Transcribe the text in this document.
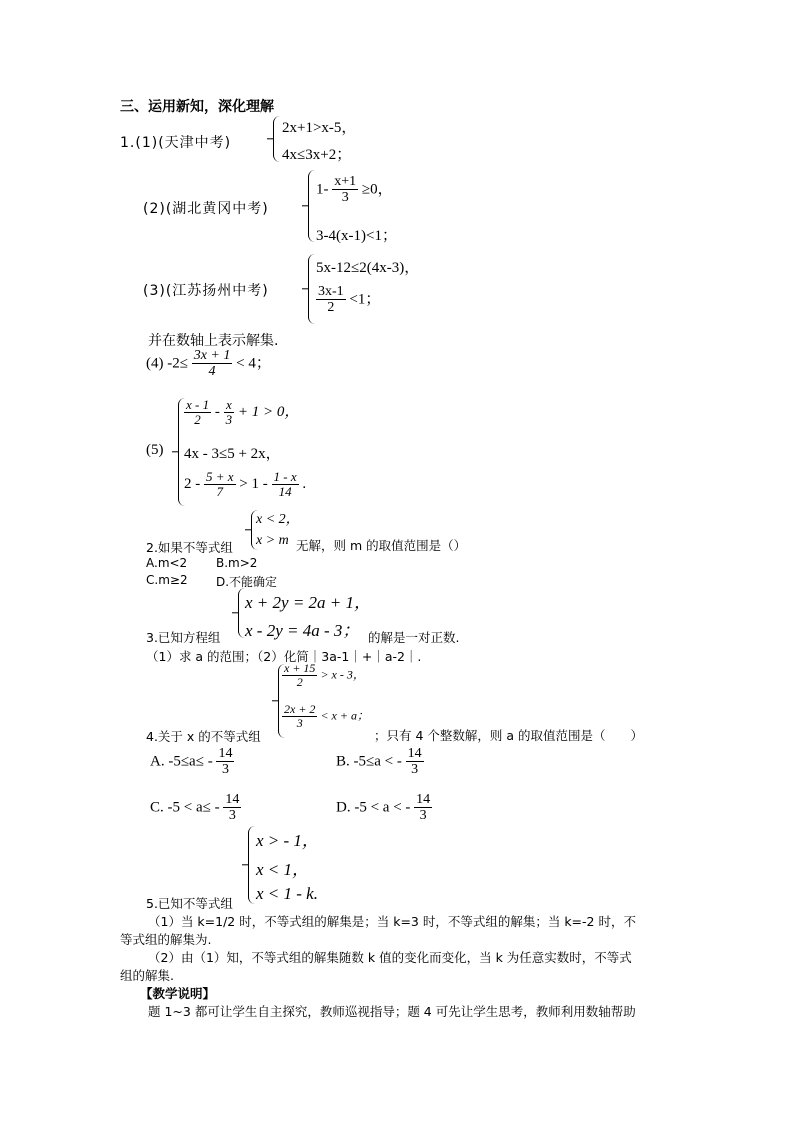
三、运用新知，深化理解
1.(1)(天津中考)
2x+1>x-5，
4x≤3x+2；
(2)(湖北黄冈中考)
$1- \frac{x+1}{3} \ge 0$，
3-4(x-1)<1；
(3)(江苏扬州中考)
5x-12≤2(4x-3)，
$\frac{3x-1}{2} <1$；
并在数轴上表示解集.
(4) $-2\le \frac{3x + 1}{4} < 4$；
(5)
$\frac{x - 1}{2} - \frac{x}{3} + 1 > 0$，
4x - 3≤5 + 2x，
$2 - \frac{5 + x}{7} > 1 - \frac{1 - x}{14}$ .
x < 2，
x > m
2.如果不等式组	无解，则 m 的取值范围是（）
A.m<2 B.m>2
C.m≥2 D.不能确定
x + 2y = 2a + 1，
x - 2y = 4a - 3；
3.已知方程组	的解是一对正数.
（1）求 a 的范围；（2）化简｜3a-1｜+｜a-2｜.
$\frac{x + 15}{2} > x - 3$，
$\frac{2x + 2}{3} < x + a$；
4.关于 x 的不等式组	；只有 4 个整数解，则 a 的取值范围是（　　）
A. $-5\le a\le - \frac{14}{3}$	B. -5≤a < - $\frac{14}{3}$
C. $-5 < a\le - \frac{14}{3}$	D. -5 < a < - $\frac{14}{3}$
x > - 1，
x < 1，
x < 1 - k.
5.已知不等式组
（1）当 k=1/2 时，不等式组的解集是；当 k=3 时，不等式组的解集；当 k=-2 时，不
等式组的解集为.
（2）由（1）知，不等式组的解集随数 k 值的变化而变化，当 k 为任意实数时，不等式
组的解集.
【教学说明】
题 1~3 都可让学生自主探究，教师巡视指导；题 4 可先让学生思考，教师利用数轴帮助
